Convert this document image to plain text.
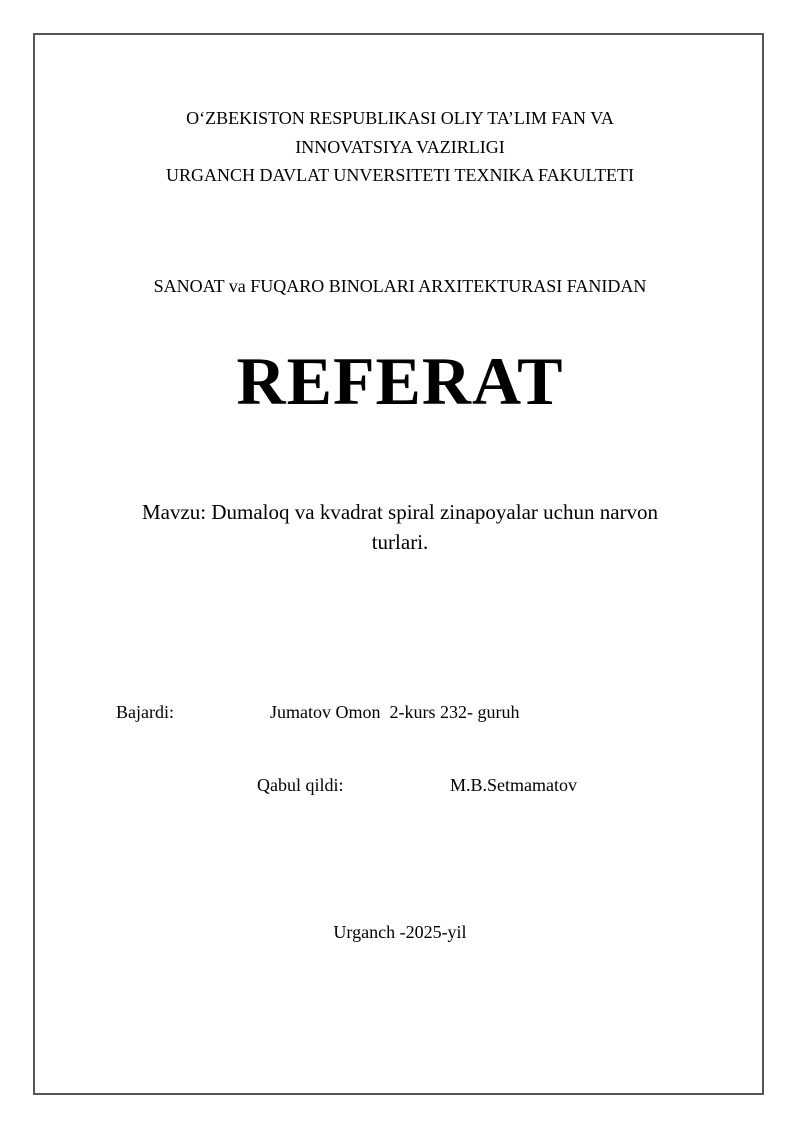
O‘ZBEKISTON RESPUBLIKASI OLIY TA’LIM FAN VA
INNOVATSIYA VAZIRLIGI
URGANCH DAVLAT UNVERSITETI TEXNIKA FAKULTETI
SANOAT va FUQARO BINOLARI ARXITEKTURASI FANIDAN
REFERAT
Mavzu: Dumaloq va kvadrat spiral zinapoyalar uchun narvon
turlari.
Bajardi:	Jumatov Omon  2-kurs 232- guruh
Qabul qildi:	M.B.Setmamatov
Urganch -2025-yil
